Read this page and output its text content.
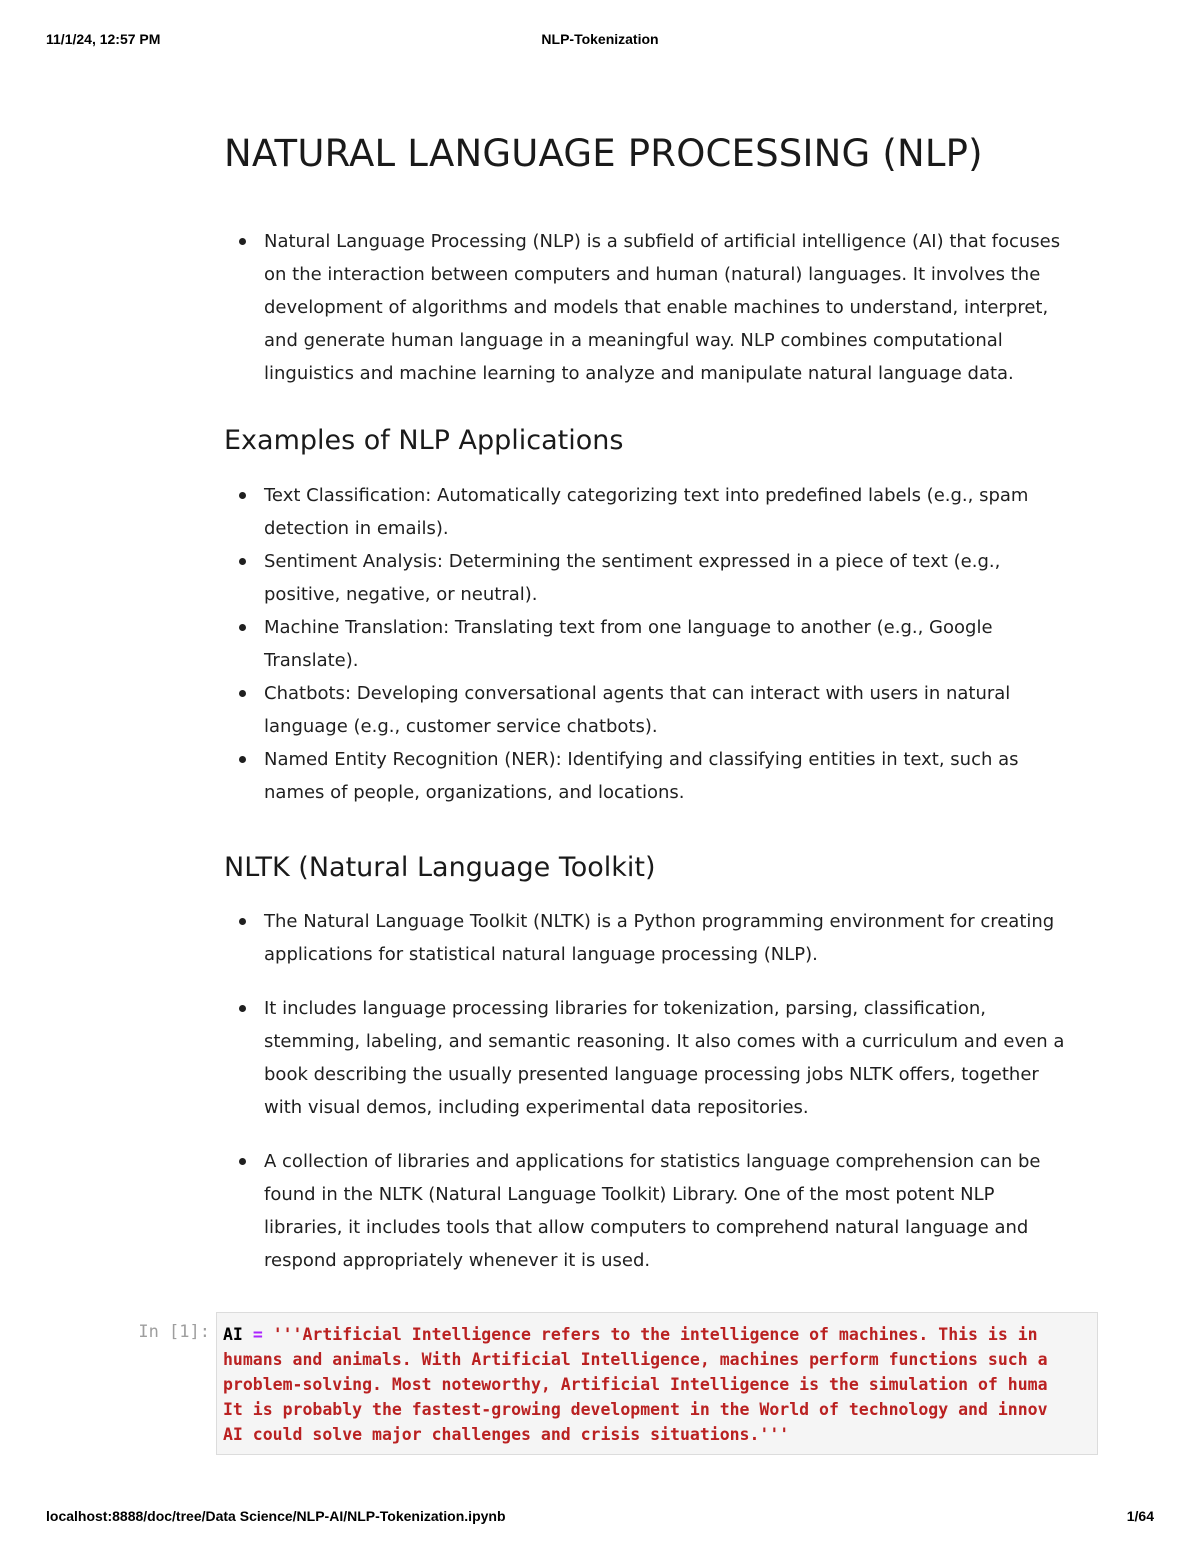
11/1/24, 12:57 PM	NLP-Tokenization
NATURAL LANGUAGE PROCESSING (NLP)
Natural Language Processing (NLP) is a subfield of artificial intelligence (AI) that focuses
on the interaction between computers and human (natural) languages. It involves the
development of algorithms and models that enable machines to understand, interpret,
and generate human language in a meaningful way. NLP combines computational
linguistics and machine learning to analyze and manipulate natural language data.
Examples of NLP Applications
Text Classification: Automatically categorizing text into predefined labels (e.g., spam
detection in emails).
Sentiment Analysis: Determining the sentiment expressed in a piece of text (e.g.,
positive, negative, or neutral).
Machine Translation: Translating text from one language to another (e.g., Google
Translate).
Chatbots: Developing conversational agents that can interact with users in natural
language (e.g., customer service chatbots).
Named Entity Recognition (NER): Identifying and classifying entities in text, such as
names of people, organizations, and locations.
NLTK (Natural Language Toolkit)
The Natural Language Toolkit (NLTK) is a Python programming environment for creating
applications for statistical natural language processing (NLP).
It includes language processing libraries for tokenization, parsing, classification,
stemming, labeling, and semantic reasoning. It also comes with a curriculum and even a
book describing the usually presented language processing jobs NLTK offers, together
with visual demos, including experimental data repositories.
A collection of libraries and applications for statistics language comprehension can be
found in the NLTK (Natural Language Toolkit) Library. One of the most potent NLP
libraries, it includes tools that allow computers to comprehend natural language and
respond appropriately whenever it is used.
In [1]: AI = '''Artificial Intelligence refers to the intelligence of machines. This is in
humans and animals. With Artificial Intelligence, machines perform functions such a
problem-solving. Most noteworthy, Artificial Intelligence is the simulation of huma
It is probably the fastest-growing development in the World of technology and innov
AI could solve major challenges and crisis situations.'''
localhost:8888/doc/tree/Data Science/NLP-AI/NLP-Tokenization.ipynb	1/64
